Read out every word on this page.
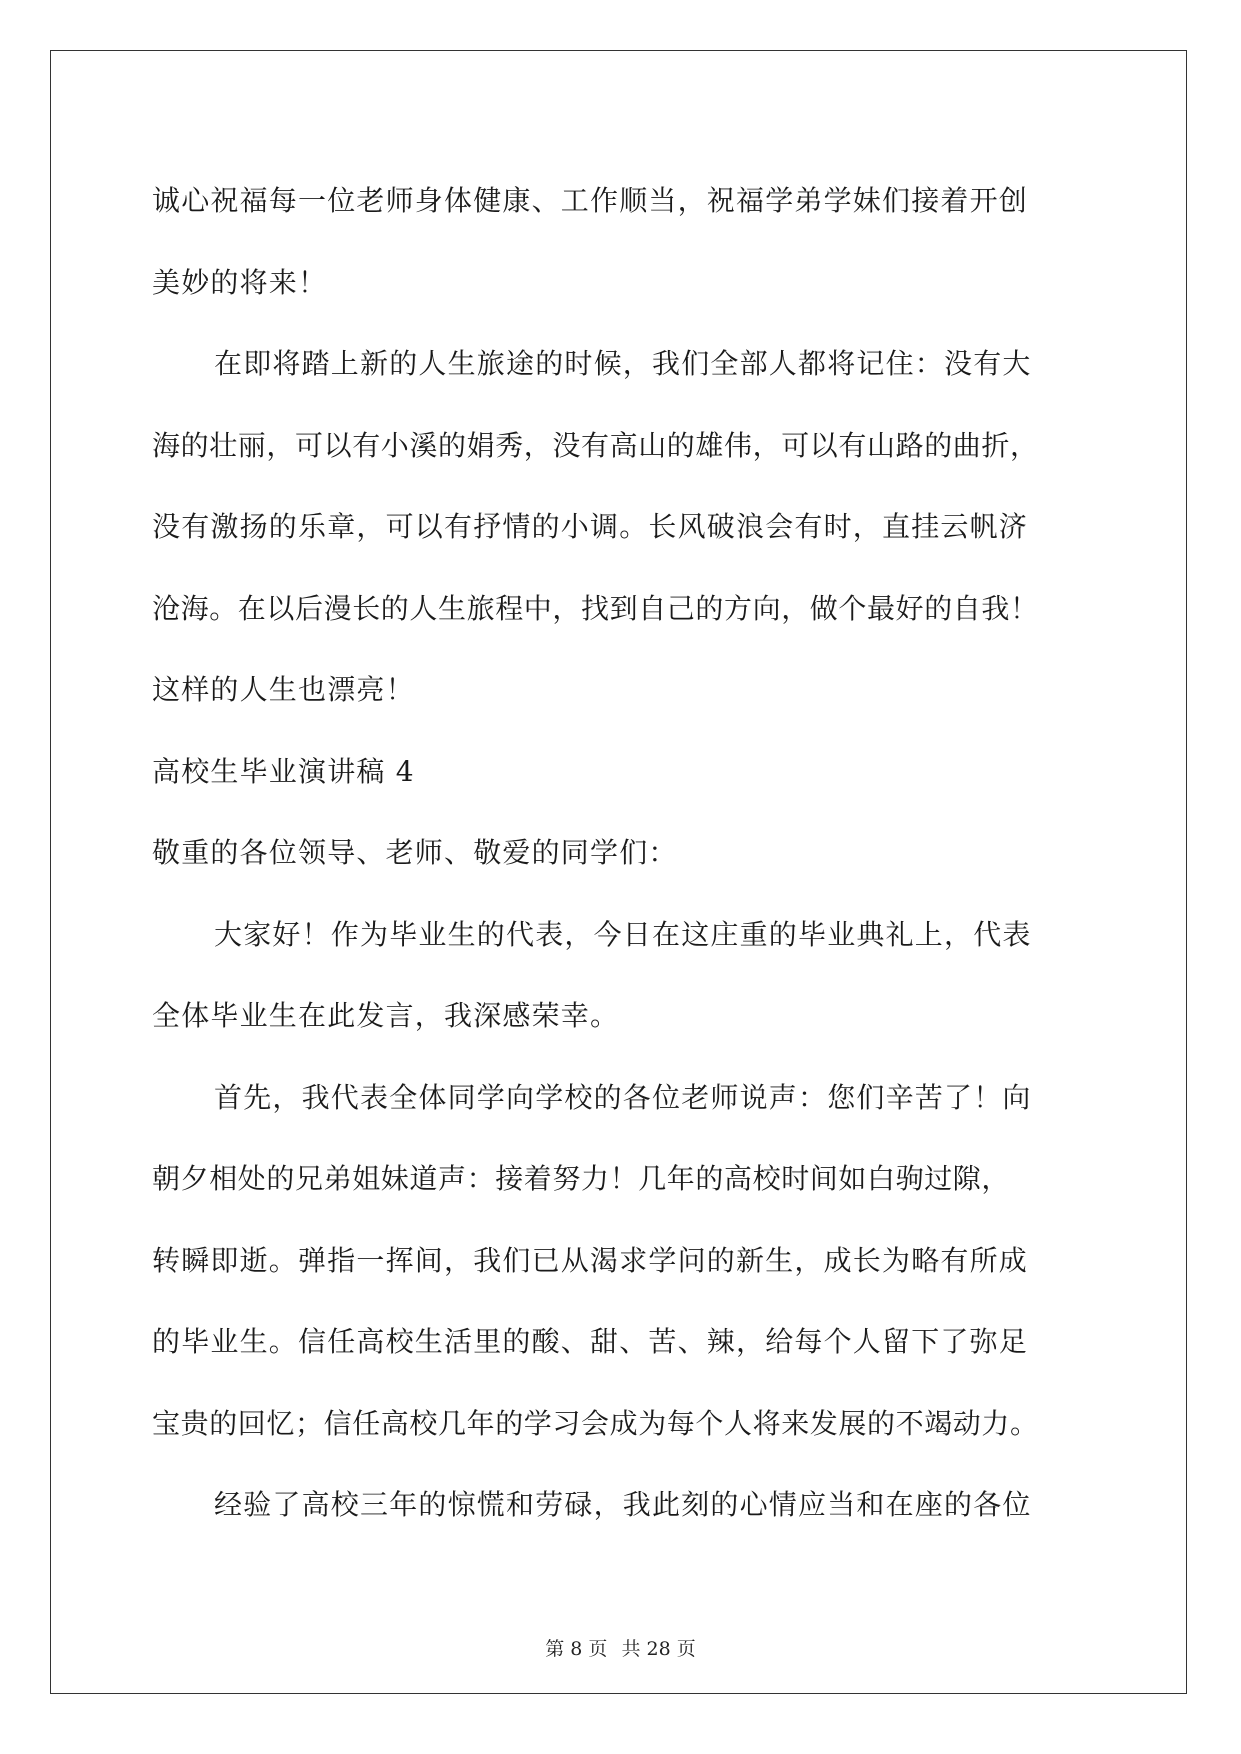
诚心祝福每一位老师身体健康、工作顺当，祝福学弟学妹们接着开创
美妙的将来！
在即将踏上新的人生旅途的时候，我们全部人都将记住：没有大
海的壮丽，可以有小溪的娟秀，没有高山的雄伟，可以有山路的曲折，
没有激扬的乐章，可以有抒情的小调。长风破浪会有时，直挂云帆济
沧海。在以后漫长的人生旅程中，找到自己的方向，做个最好的自我！
这样的人生也漂亮！
高校生毕业演讲稿 4
敬重的各位领导、老师、敬爱的同学们：
大家好！作为毕业生的代表，今日在这庄重的毕业典礼上，代表
全体毕业生在此发言，我深感荣幸。
首先，我代表全体同学向学校的各位老师说声：您们辛苦了！向
朝夕相处的兄弟姐妹道声：接着努力！几年的高校时间如白驹过隙，
转瞬即逝。弹指一挥间，我们已从渴求学问的新生，成长为略有所成
的毕业生。信任高校生活里的酸、甜、苦、辣，给每个人留下了弥足
宝贵的回忆；信任高校几年的学习会成为每个人将来发展的不竭动力。
经验了高校三年的惊慌和劳碌，我此刻的心情应当和在座的各位
第 8 页 共 28 页
